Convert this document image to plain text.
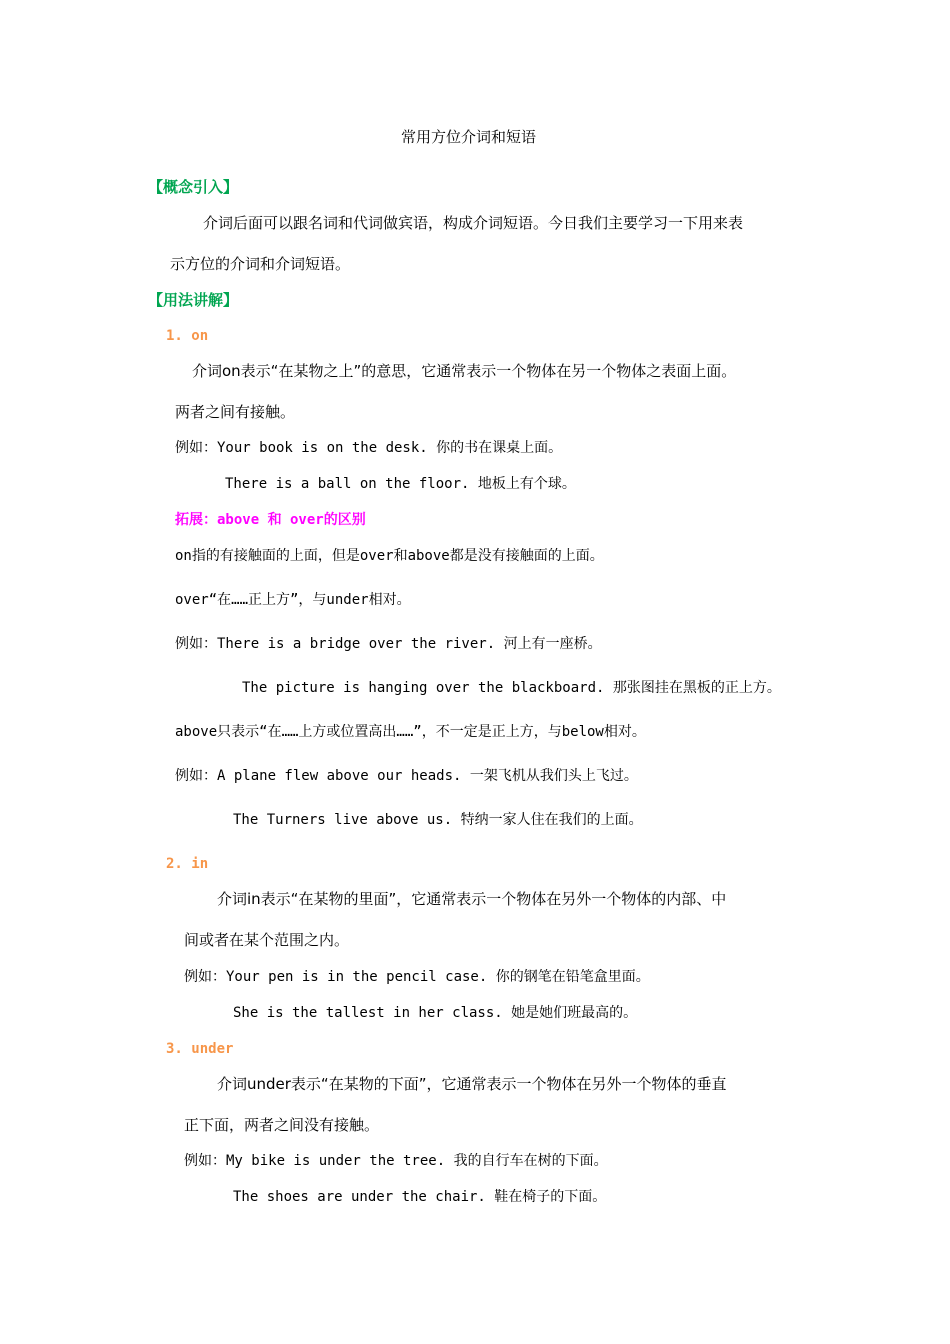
常用方位介词和短语
【概念引入】
介词后面可以跟名词和代词做宾语，构成介词短语。今日我们主要学习一下用来表
示方位的介词和介词短语。
【用法讲解】
1. on
介词on表示“在某物之上”的意思，它通常表示一个物体在另一个物体之表面上面。
两者之间有接触。
例如：Your book is on the desk. 你的书在课桌上面。
There is a ball on the floor. 地板上有个球。
拓展：above 和 over的区别
on指的有接触面的上面，但是over和above都是没有接触面的上面。
over“在……正上方”，与under相对。
例如：There is a bridge over the river. 河上有一座桥。
The picture is hanging over the blackboard. 那张图挂在黑板的正上方。
above只表示“在……上方或位置高出……”，不一定是正上方，与below相对。
例如：A plane flew above our heads. 一架飞机从我们头上飞过。
The Turners live above us. 特纳一家人住在我们的上面。
2. in
介词in表示“在某物的里面”，它通常表示一个物体在另外一个物体的内部、中
间或者在某个范围之内。
例如：Your pen is in the pencil case. 你的钢笔在铅笔盒里面。
She is the tallest in her class. 她是她们班最高的。
3. under
介词under表示“在某物的下面”，它通常表示一个物体在另外一个物体的垂直
正下面，两者之间没有接触。
例如：My bike is under the tree. 我的自行车在树的下面。
The shoes are under the chair. 鞋在椅子的下面。
